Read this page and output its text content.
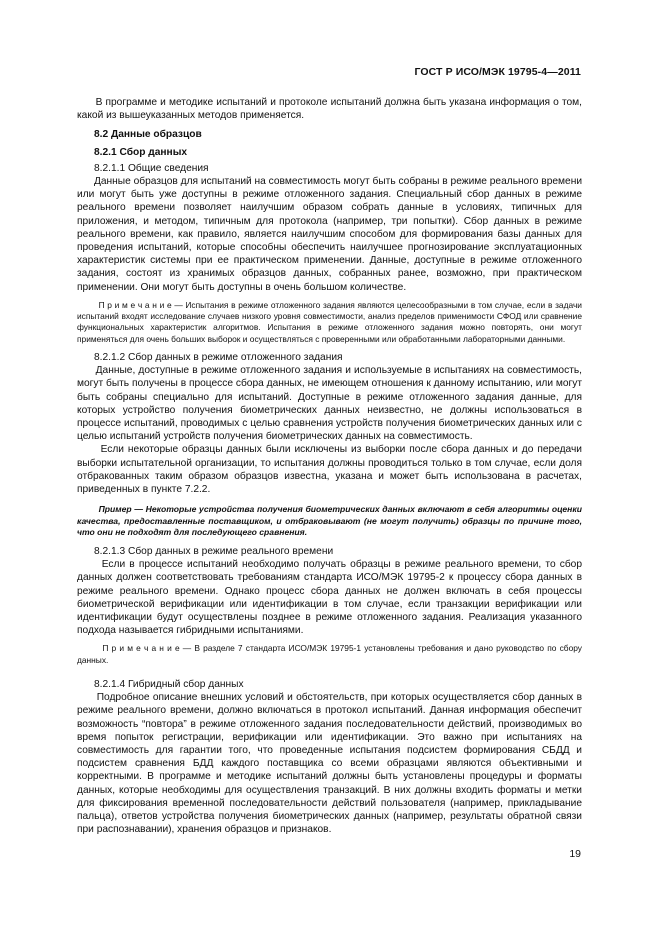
ГОСТ Р ИСО/МЭК 19795-4—2011

В программе и методике испытаний и протоколе испытаний должна быть указана информация о том, какой из вышеуказанных методов применяется.

8.2 Данные образцов

8.2.1 Сбор данных

8.2.1.1 Общие сведения

Данные образцов для испытаний на совместимость могут быть собраны в режиме реального времени или могут быть уже доступны в режиме отложенного задания. Специальный сбор данных в режиме реального времени позволяет наилучшим образом собрать данные в условиях, типичных для приложения, и методом, типичным для протокола (например, три попытки). Сбор данных в режиме реального времени, как правило, является наилучшим способом для формирования базы данных для проведения испытаний, которые способны обеспечить наилучшее прогнозирование эксплуатационных характеристик системы при ее практическом применении. Данные, доступные в режиме отложенного задания, состоят из хранимых образцов данных, собранных ранее, возможно, при практическом применении. Они могут быть доступны в очень большом количестве.

П р и м е ч а н и е — Испытания в режиме отложенного задания являются целесообразными в том случае, если в задачи испытаний входят исследование случаев низкого уровня совместимости, анализ пределов применимости СФОД или сравнение функциональных характеристик алгоритмов. Испытания в режиме отложенного задания можно повторять, они могут применяться для очень больших выборок и осуществляться с проверенными или обработанными лабораторными данными.

8.2.1.2 Сбор данных в режиме отложенного задания

Данные, доступные в режиме отложенного задания и используемые в испытаниях на совместимость, могут быть получены в процессе сбора данных, не имеющем отношения к данному испытанию, или могут быть собраны специально для испытаний. Доступные в режиме отложенного задания данные, для которых устройство получения биометрических данных неизвестно, не должны использоваться в процессе испытаний, проводимых с целью сравнения устройств получения биометрических данных или с целью испытаний устройств получения биометрических данных на совместимость.

Если некоторые образцы данных были исключены из выборки после сбора данных и до передачи выборки испытательной организации, то испытания должны проводиться только в том случае, если доля отбракованных таким образом образцов известна, указана и может быть использована в расчетах, приведенных в пункте 7.2.2.

Пример — Некоторые устройства получения биометрических данных включают в себя алгоритмы оценки качества, предоставленные поставщиком, и отбраковывают (не могут получить) образцы по причине того, что они не подходят для последующего сравнения.

8.2.1.3 Сбор данных в режиме реального времени

Если в процессе испытаний необходимо получать образцы в режиме реального времени, то сбор данных должен соответствовать требованиям стандарта ИСО/МЭК 19795-2 к процессу сбора данных в режиме реального времени. Однако процесс сбора данных не должен включать в себя процессы биометрической верификации или идентификации в том случае, если транзакции верификации или идентификации будут осуществлены позднее в режиме отложенного задания. Реализация указанного подхода называется гибридными испытаниями.

П р и м е ч а н и е — В разделе 7 стандарта ИСО/МЭК 19795-1 установлены требования и дано руководство по сбору данных.

8.2.1.4 Гибридный сбор данных

Подробное описание внешних условий и обстоятельств, при которых осуществляется сбор данных в режиме реального времени, должно включаться в протокол испытаний. Данная информация обеспечит возможность “повтора” в режиме отложенного задания последовательности действий, производимых во время попыток регистрации, верификации или идентификации. Это важно при испытаниях на совместимость для гарантии того, что проведенные испытания подсистем формирования СБДД и подсистем сравнения БДД каждого поставщика со всеми образцами являются объективными и корректными. В программе и методике испытаний должны быть установлены процедуры и форматы данных, которые необходимы для осуществления транзакций. В них должны входить форматы и метки для фиксирования временной последовательности действий пользователя (например, прикладывание пальца), ответов устройства получения биометрических данных (например, результаты обратной связи при распознавании), хранения образцов и признаков.

19
